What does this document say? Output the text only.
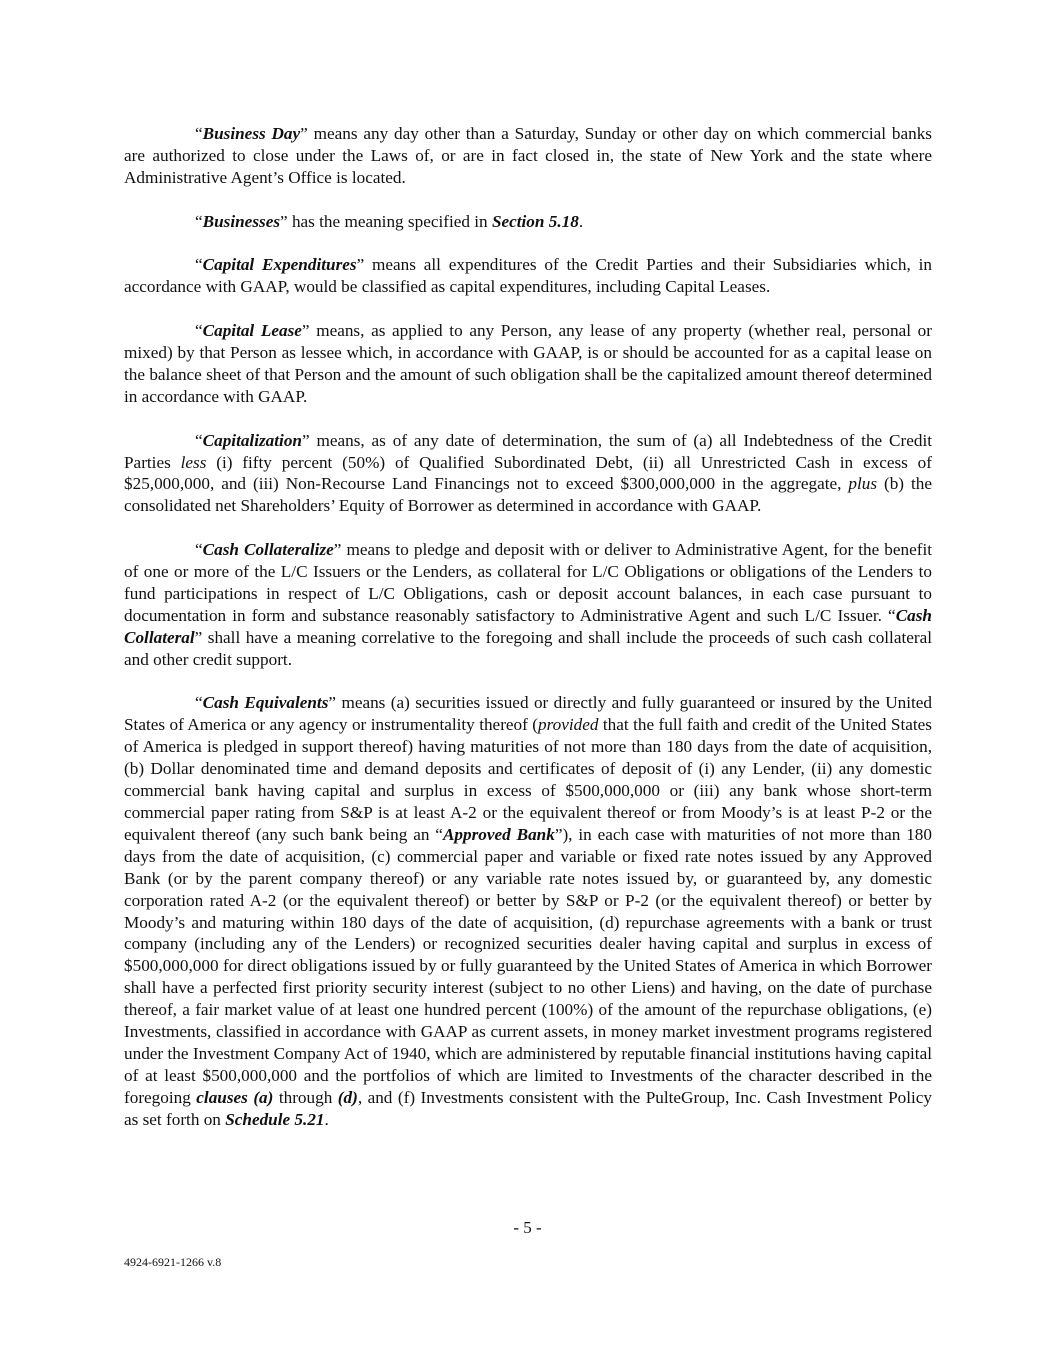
“Business Day” means any day other than a Saturday, Sunday or other day on which commercial banks are authorized to close under the Laws of, or are in fact closed in, the state of New York and the state where Administrative Agent’s Office is located.

“Businesses” has the meaning specified in Section 5.18.

“Capital Expenditures” means all expenditures of the Credit Parties and their Subsidiaries which, in accordance with GAAP, would be classified as capital expenditures, including Capital Leases.

“Capital Lease” means, as applied to any Person, any lease of any property (whether real, personal or mixed) by that Person as lessee which, in accordance with GAAP, is or should be accounted for as a capital lease on the balance sheet of that Person and the amount of such obligation shall be the capitalized amount thereof determined in accordance with GAAP.

“Capitalization” means, as of any date of determination, the sum of (a) all Indebtedness of the Credit Parties less (i) fifty percent (50%) of Qualified Subordinated Debt, (ii) all Unrestricted Cash in excess of $25,000,000, and (iii) Non-Recourse Land Financings not to exceed $300,000,000 in the aggregate, plus (b) the consolidated net Shareholders’ Equity of Borrower as determined in accordance with GAAP.

“Cash Collateralize” means to pledge and deposit with or deliver to Administrative Agent, for the benefit of one or more of the L/C Issuers or the Lenders, as collateral for L/C Obligations or obligations of the Lenders to fund participations in respect of L/C Obligations, cash or deposit account balances, in each case pursuant to documentation in form and substance reasonably satisfactory to Administrative Agent and such L/C Issuer. “Cash Collateral” shall have a meaning correlative to the foregoing and shall include the proceeds of such cash collateral and other credit support.

“Cash Equivalents” means (a) securities issued or directly and fully guaranteed or insured by the United States of America or any agency or instrumentality thereof (provided that the full faith and credit of the United States of America is pledged in support thereof) having maturities of not more than 180 days from the date of acquisition, (b) Dollar denominated time and demand deposits and certificates of deposit of (i) any Lender, (ii) any domestic commercial bank having capital and surplus in excess of $500,000,000 or (iii) any bank whose short-term commercial paper rating from S&P is at least A-2 or the equivalent thereof or from Moody’s is at least P-2 or the equivalent thereof (any such bank being an “Approved Bank”), in each case with maturities of not more than 180 days from the date of acquisition, (c) commercial paper and variable or fixed rate notes issued by any Approved Bank (or by the parent company thereof) or any variable rate notes issued by, or guaranteed by, any domestic corporation rated A-2 (or the equivalent thereof) or better by S&P or P-2 (or the equivalent thereof) or better by Moody’s and maturing within 180 days of the date of acquisition, (d) repurchase agreements with a bank or trust company (including any of the Lenders) or recognized securities dealer having capital and surplus in excess of $500,000,000 for direct obligations issued by or fully guaranteed by the United States of America in which Borrower shall have a perfected first priority security interest (subject to no other Liens) and having, on the date of purchase thereof, a fair market value of at least one hundred percent (100%) of the amount of the repurchase obligations, (e) Investments, classified in accordance with GAAP as current assets, in money market investment programs registered under the Investment Company Act of 1940, which are administered by reputable financial institutions having capital of at least $500,000,000 and the portfolios of which are limited to Investments of the character described in the foregoing clauses (a) through (d), and (f) Investments consistent with the PulteGroup, Inc. Cash Investment Policy as set forth on Schedule 5.21.

- 5 -
4924-6921-1266 v.8
